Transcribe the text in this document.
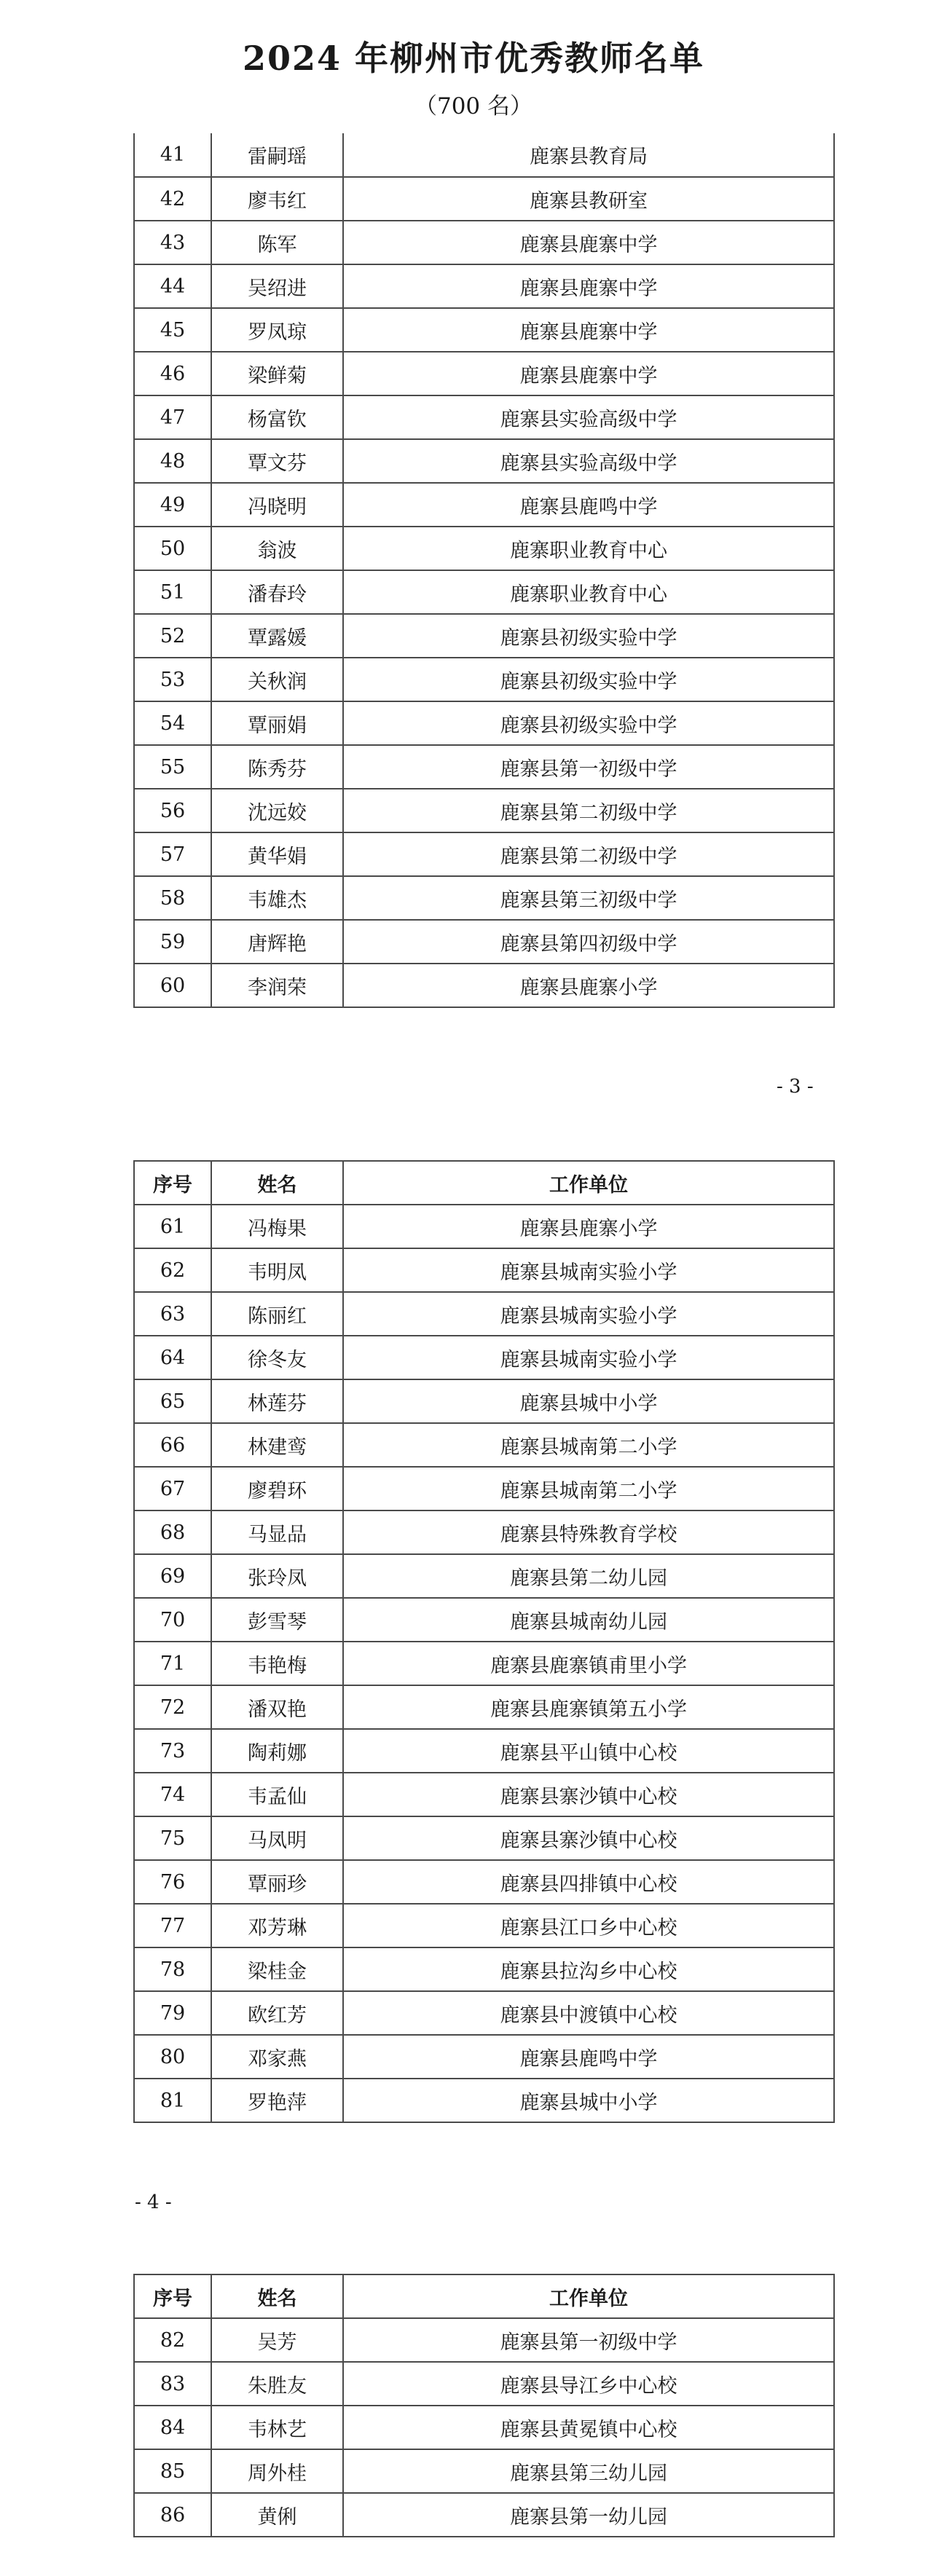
2024 年柳州市优秀教师名单
（700 名）
41	雷嗣瑶	鹿寨县教育局
42	廖韦红	鹿寨县教研室
43	陈军	鹿寨县鹿寨中学
44	吴绍进	鹿寨县鹿寨中学
45	罗凤琼	鹿寨县鹿寨中学
46	梁鲜菊	鹿寨县鹿寨中学
47	杨富钦	鹿寨县实验高级中学
48	覃文芬	鹿寨县实验高级中学
49	冯晓明	鹿寨县鹿鸣中学
50	翁波	鹿寨职业教育中心
51	潘春玲	鹿寨职业教育中心
52	覃露媛	鹿寨县初级实验中学
53	关秋润	鹿寨县初级实验中学
54	覃丽娟	鹿寨县初级实验中学
55	陈秀芬	鹿寨县第一初级中学
56	沈远姣	鹿寨县第二初级中学
57	黄华娟	鹿寨县第二初级中学
58	韦雄杰	鹿寨县第三初级中学
59	唐辉艳	鹿寨县第四初级中学
60	李润荣	鹿寨县鹿寨小学
- 3 -
序号	姓名	工作单位
61	冯梅果	鹿寨县鹿寨小学
62	韦明凤	鹿寨县城南实验小学
63	陈丽红	鹿寨县城南实验小学
64	徐冬友	鹿寨县城南实验小学
65	林莲芬	鹿寨县城中小学
66	林建鸾	鹿寨县城南第二小学
67	廖碧环	鹿寨县城南第二小学
68	马显品	鹿寨县特殊教育学校
69	张玲凤	鹿寨县第二幼儿园
70	彭雪琴	鹿寨县城南幼儿园
71	韦艳梅	鹿寨县鹿寨镇甫里小学
72	潘双艳	鹿寨县鹿寨镇第五小学
73	陶莉娜	鹿寨县平山镇中心校
74	韦孟仙	鹿寨县寨沙镇中心校
75	马凤明	鹿寨县寨沙镇中心校
76	覃丽珍	鹿寨县四排镇中心校
77	邓芳琳	鹿寨县江口乡中心校
78	梁桂金	鹿寨县拉沟乡中心校
79	欧红芳	鹿寨县中渡镇中心校
80	邓家燕	鹿寨县鹿鸣中学
81	罗艳萍	鹿寨县城中小学
- 4 -
序号	姓名	工作单位
82	吴芳	鹿寨县第一初级中学
83	朱胜友	鹿寨县导江乡中心校
84	韦林艺	鹿寨县黄冕镇中心校
85	周外桂	鹿寨县第三幼儿园
86	黄俐	鹿寨县第一幼儿园
